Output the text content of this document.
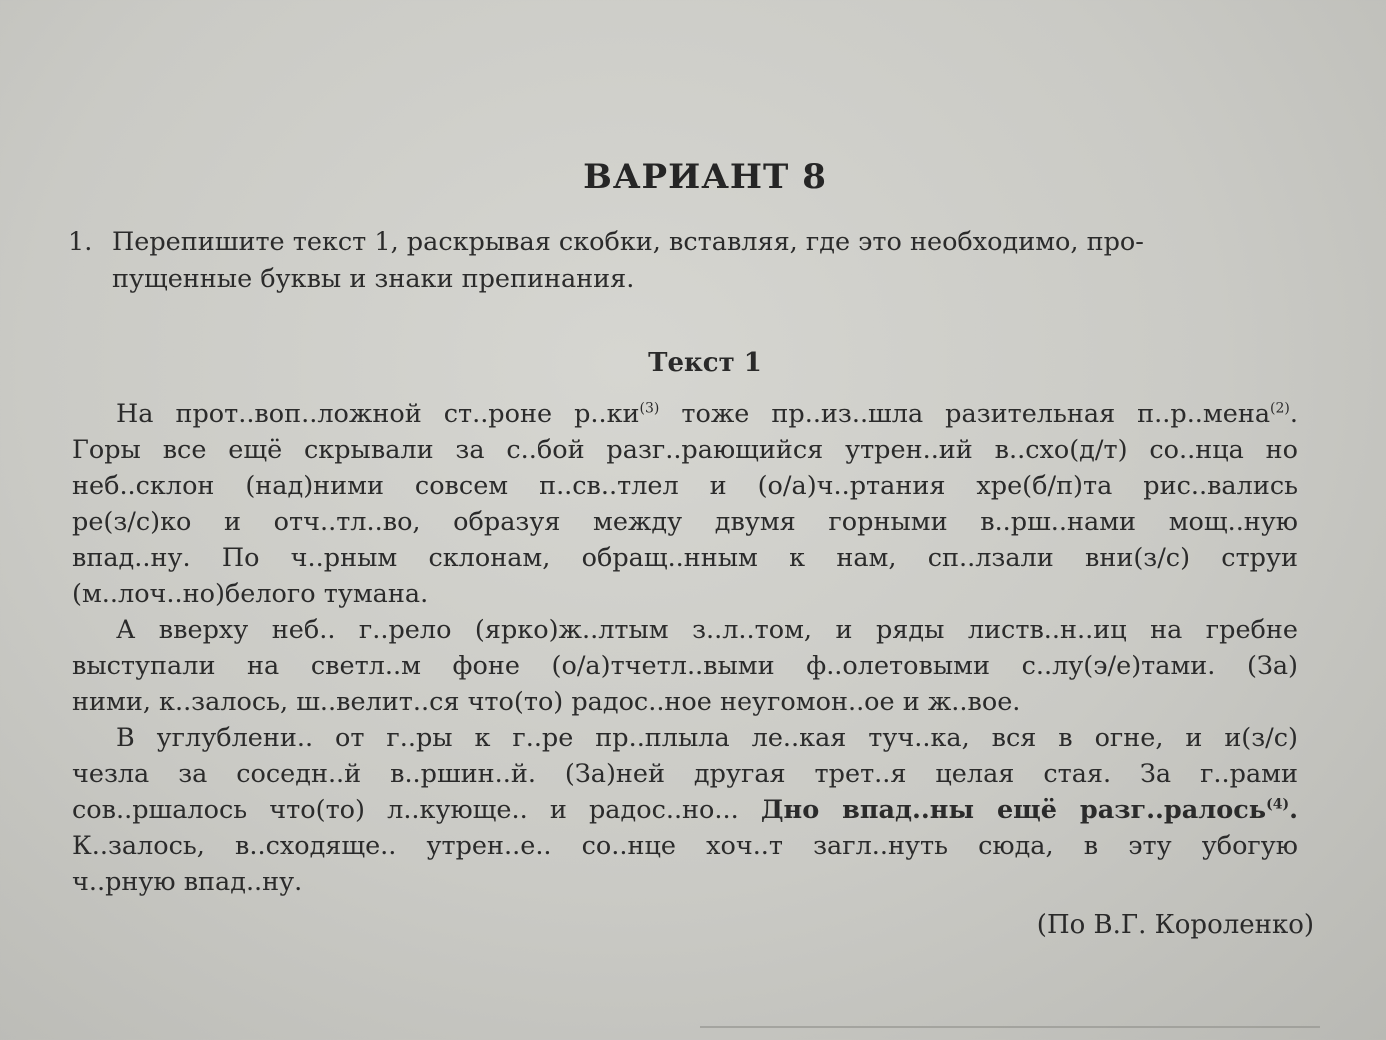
ВАРИАНТ 8
1. Перепишите текст 1, раскрывая скобки, вставляя, где это необходимо, про-
пущенные буквы и знаки препинания.
Текст 1
На прот..воп..ложной ст..роне $р..ки^{(3)}$ тоже пр..из..шла разительная п..р..мена$^{(2)}$.
Горы все ещё скрывали за с..бой разг..рающийся утрен..ий в..схо(д/т) со..нца но
неб..склон (над)ними совсем п..св..тлел и (о/а)ч..ртания хре(б/п)та рис..вались
ре(з/с)ко и отч..тл..во, образуя между двумя горными в..рш..нами мощ..ную
впад..ну. По ч..рным склонам, обращ..нным к нам, сп..лзали вни(з/с) струи
(м..лоч..но)белого тумана.
А вверху неб.. г..рело (ярко)ж..лтым з..л..том, и ряды листв..н..иц на гребне
выступали на светл..м фоне (о/а)тчетл..выми ф..олетовыми с..лу(э/е)тами. (За)
ними, к..залось, ш..велит..ся что(то) радос..ное неугомон..ое и ж..вое.
В углублени.. от г..ры к г..ре пр..плыла ле..кая туч..ка, вся в огне, и и(з/с)
чезла за соседн..й в..ршин..й. (За)ней другая трет..я целая стая. За г..рами
сов..ршалось что(то) л..кующе.. и радос..но... Дно впад..ны ещё разг..ралось$^{(4)}$.
К..залось, в..сходяще.. утрен..е.. со..нце хоч..т загл..нуть сюда, в эту убогую
ч..рную впад..ну.
(По В.Г. Короленко)
